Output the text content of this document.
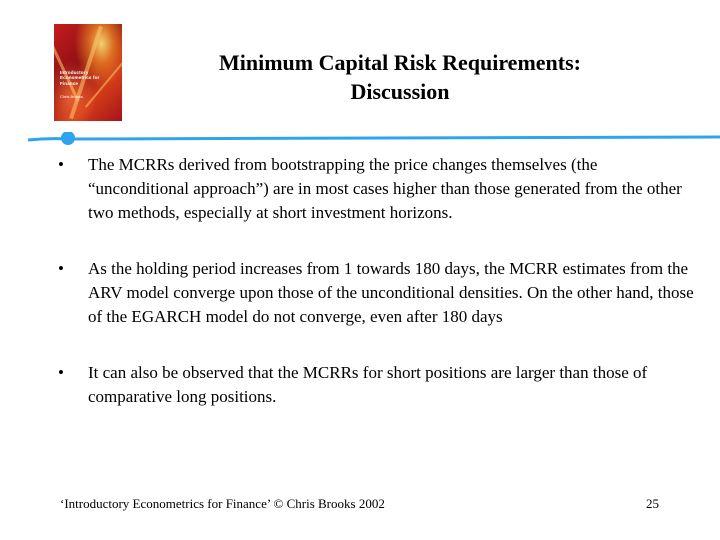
Introductory Econometrics for Finance
Chris Brooks
Minimum Capital Risk Requirements:
Discussion
• The MCRRs derived from bootstrapping the price changes themselves (the “unconditional approach”) are in most cases higher than those generated from the other two methods, especially at short investment horizons.
• As the holding period increases from 1 towards 180 days, the MCRR estimates from the ARV model converge upon those of the unconditional densities. On the other hand, those of the EGARCH model do not converge, even after 180 days
• It can also be observed that the MCRRs for short positions are larger than those of comparative long positions.
‘Introductory Econometrics for Finance’ © Chris Brooks 2002	25
